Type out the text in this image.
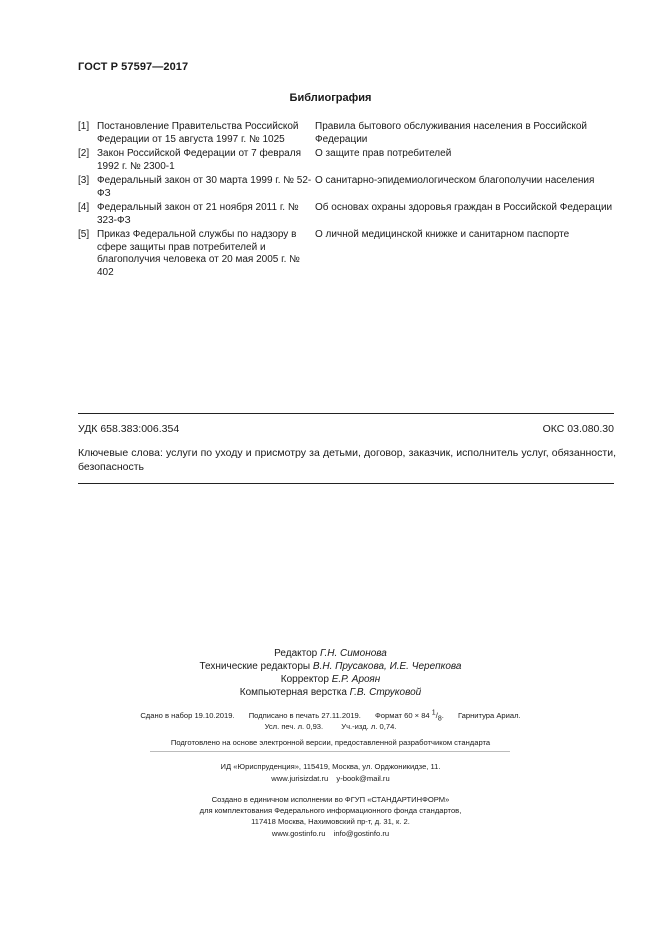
ГОСТ Р 57597—2017
Библиография
[1] Постановление Правительства Российской Федерации от 15 августа 1997 г. № 1025
Правила бытового обслуживания населения в Российской Федерации
[2] Закон Российской Федерации от 7 февраля 1992 г. № 2300-1
О защите прав потребителей
[3] Федеральный закон от 30 марта 1999 г. № 52-ФЗ
О санитарно-эпидемиологическом благополучии населения
[4] Федеральный закон от 21 ноября 2011 г. № 323-ФЗ
Об основах охраны здоровья граждан в Российской Федерации
[5] Приказ Федеральной службы по надзору в сфере защиты прав потребителей и благополучия человека от 20 мая 2005 г. № 402
О личной медицинской книжке и санитарном паспорте
УДК 658.383:006.354	ОКС 03.080.30
Ключевые слова: услуги по уходу и присмотру за детьми, договор, заказчик, исполнитель услуг, обязанности, безопасность
Редактор Г.Н. Симонова
Технические редакторы В.Н. Прусакова, И.Е. Черепкова
Корректор Е.Р. Ароян
Компьютерная верстка Г.В. Струковой
Сдано в набор 19.10.2019. Подписано в печать 27.11.2019. Формат 60 × 84 $^1/_8$. Гарнитура Ариал.
Усл. печ. л. 0,93. Уч.-изд. л. 0,74.
Подготовлено на основе электронной версии, предоставленной разработчиком стандарта
ИД «Юриспруденция», 115419, Москва, ул. Орджоникидзе, 11.
www.jurisizdat.ru y-book@mail.ru
Создано в единичном исполнении во ФГУП «СТАНДАРТИНФОРМ»
для комплектования Федерального информационного фонда стандартов,
117418 Москва, Нахимовский пр-т, д. 31, к. 2.
www.gostinfo.ru info@gostinfo.ru
